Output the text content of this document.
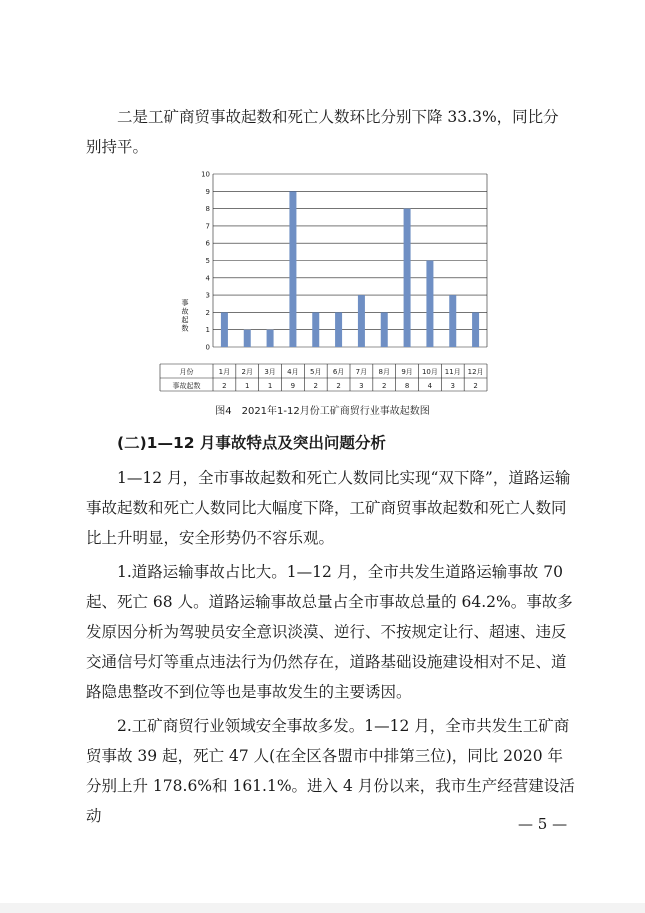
二是工矿商贸事故起数和死亡人数环比分别下降 33.3%，同比分

别持平。

0
1
2
3
4
5
6
7
8
9
10
事故起数
月份
事故起数
1月
2
2月
1
3月
1
4月
9
5月
2
6月
2
7月
3
8月
2
9月
8
10月
4
11月
3
12月
2
图4　2021年1-12月份工矿商贸行业事故起数图
(二)1—12 月事故特点及突出问题分析

1—12 月，全市事故起数和死亡人数同比实现“双下降”，道路运输事故起数和死亡人数同比大幅度下降，工矿商贸事故起数和死亡人数同比上升明显，安全形势仍不容乐观。

1.道路运输事故占比大。1—12 月，全市共发生道路运输事故 70 起、死亡 68 人。道路运输事故总量占全市事故总量的 64.2%。事故多发原因分析为驾驶员安全意识淡漠、逆行、不按规定让行、超速、违反交通信号灯等重点违法行为仍然存在，道路基础设施建设相对不足、道路隐患整改不到位等也是事故发生的主要诱因。

2.工矿商贸行业领域安全事故多发。1—12 月，全市共发生工矿商贸事故 39 起，死亡 47 人(在全区各盟市中排第三位)，同比 2020 年分别上升 178.6%和 161.1%。进入 4 月份以来，我市生产经营建设活动	— 5 —
